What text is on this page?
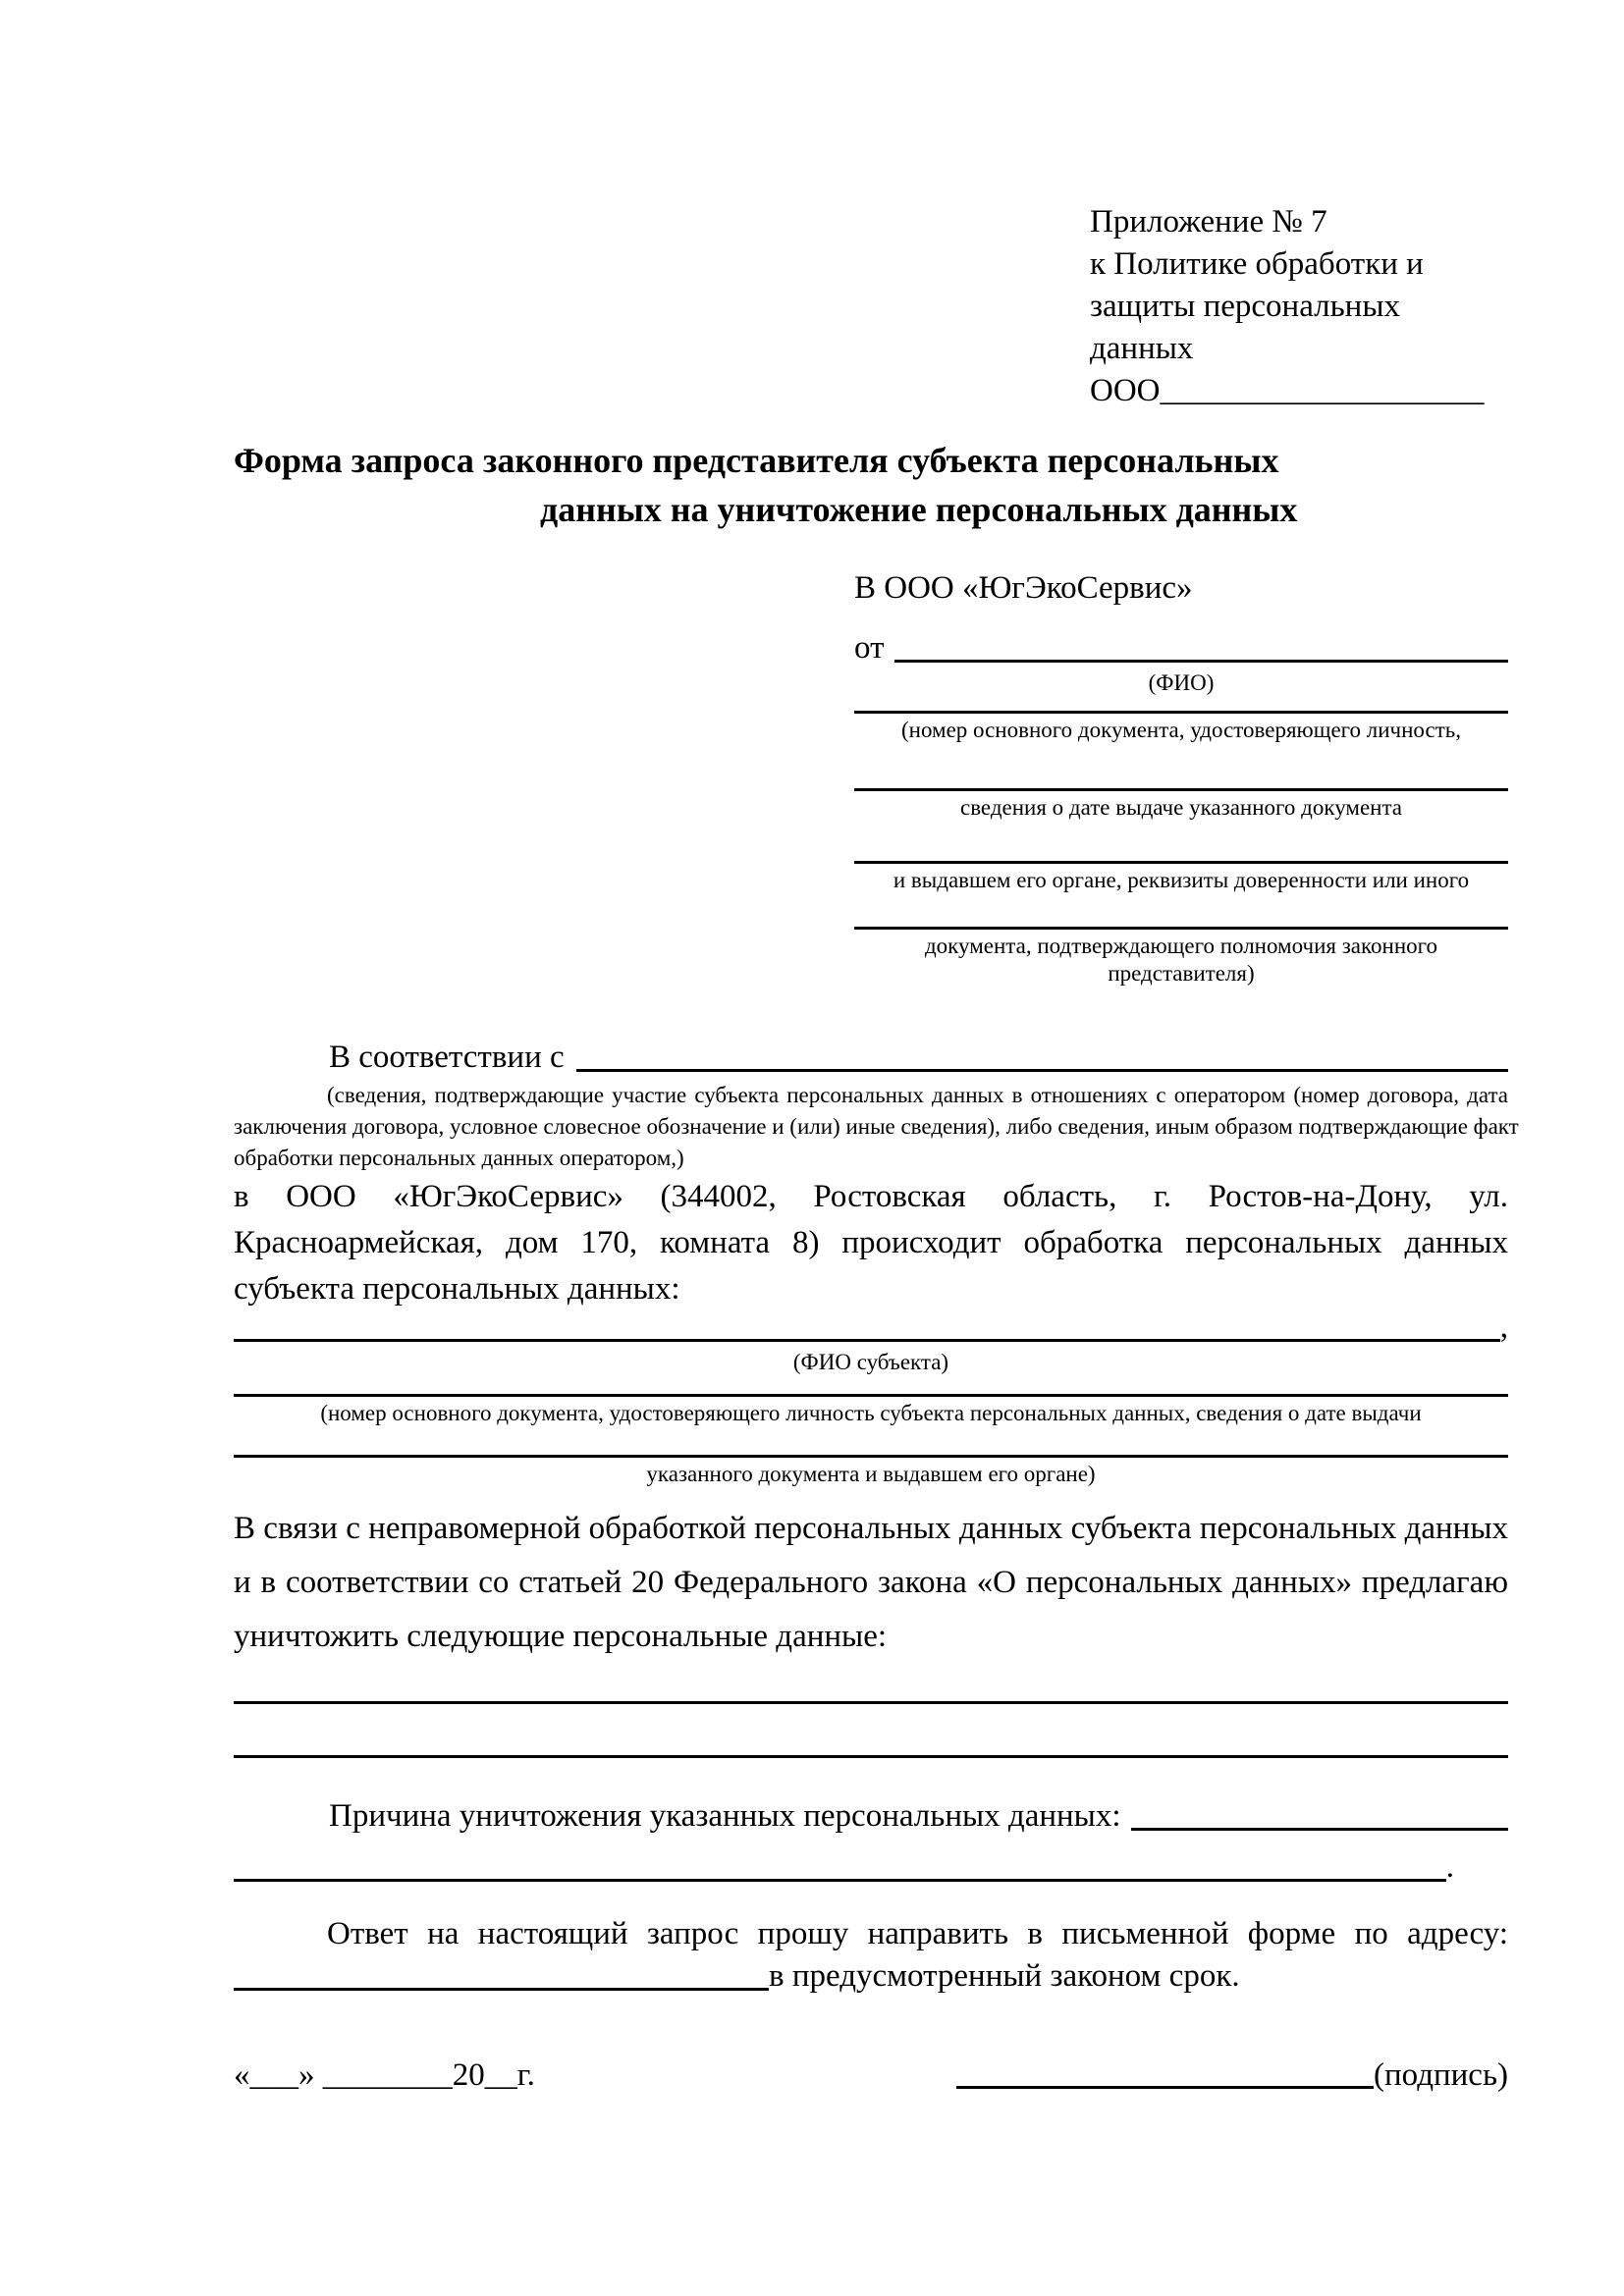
Приложение № 7
к Политике обработки и
защиты персональных данных
ООО____________________
Форма запроса законного представителя субъекта персональных
данных на уничтожение персональных данных
В ООО «ЮгЭкоСервис»
от
(ФИО)
(номер основного документа, удостоверяющего личность,
сведения о дате выдаче указанного документа
и выдавшем его органе, реквизиты доверенности или иного
документа, подтверждающего полномочия законного представителя)
В соответствии с
(сведения, подтверждающие участие субъекта персональных данных в отношениях с оператором (номер договора, дата
заключения договора, условное словесное обозначение и (или) иные сведения), либо сведения, иным образом подтверждающие факт
обработки персональных данных оператором,)
в ООО «ЮгЭкоСервис» (344002, Ростовская область, г. Ростов-на-Дону, ул.
Красноармейская, дом 170, комната 8) происходит обработка персональных данных
субъекта персональных данных:
,
(ФИО субъекта)
(номер основного документа, удостоверяющего личность субъекта персональных данных, сведения о дате выдачи
указанного документа и выдавшем его органе)
В связи с неправомерной обработкой персональных данных субъекта персональных данных
и в соответствии со статьей 20 Федерального закона «О персональных данных» предлагаю
уничтожить следующие персональные данные:
Причина уничтожения указанных персональных данных:
.
Ответ на настоящий запрос прошу направить в письменной форме по адресу:
в предусмотренный законом срок.
«___» ________20__г.	(подпись)
